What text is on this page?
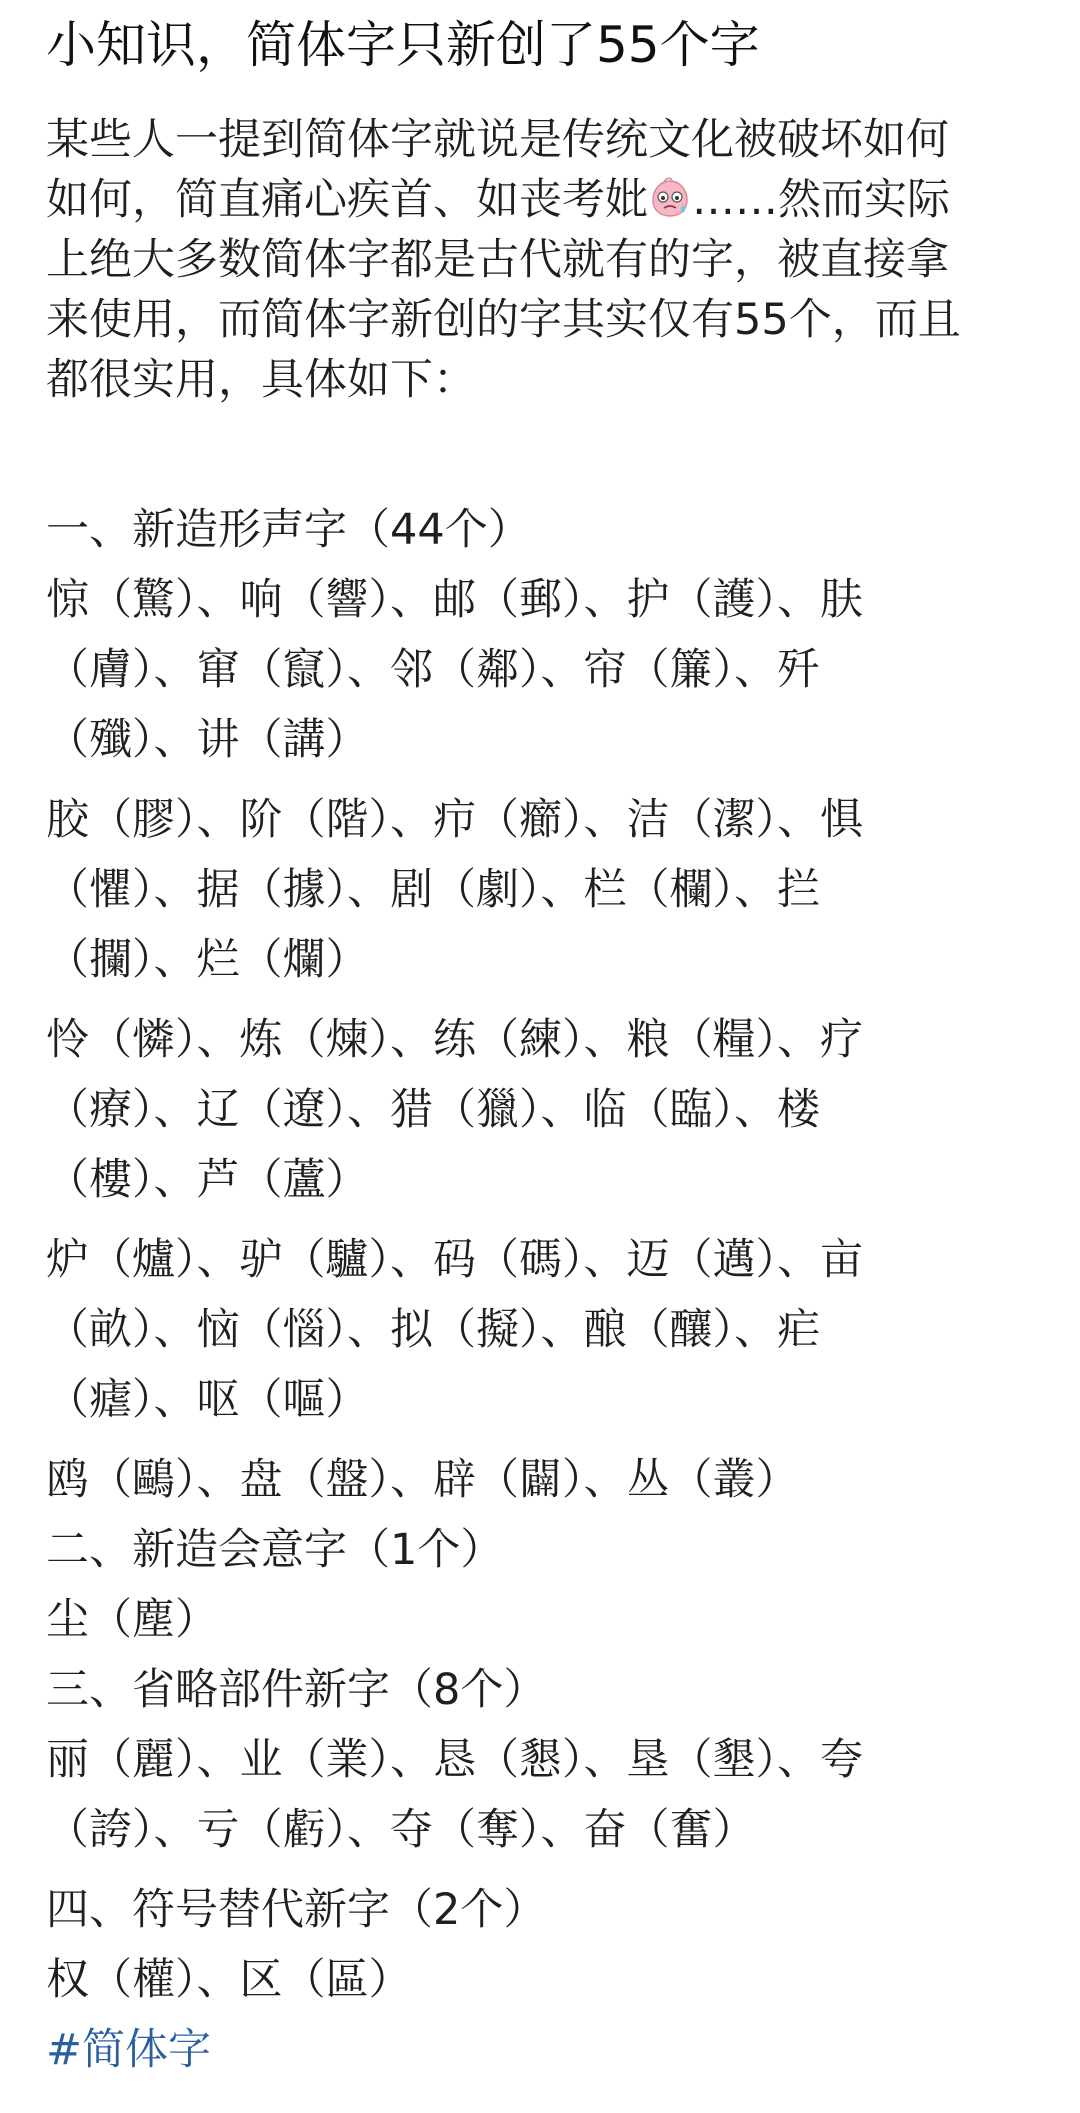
小知识，简体字只新创了55个字
某些人一提到简体字就说是传统文化被破坏如何
如何，简直痛心疾首、如丧考妣 ……然而实际
上绝大多数简体字都是古代就有的字，被直接拿
来使用，而简体字新创的字其实仅有55个，而且
都很实用，具体如下：
一、新造形声字（44个）
惊（驚）、响（響）、邮（郵）、护（護）、肤
（膚）、窜（竄）、邻（鄰）、帘（簾）、歼
（殲）、讲（講）
胶（膠）、阶（階）、疖（癤）、洁（潔）、惧
（懼）、据（據）、剧（劇）、栏（欄）、拦
（攔）、烂（爛）
怜（憐）、炼（煉）、练（練）、粮（糧）、疗
（療）、辽（遼）、猎（獵）、临（臨）、楼
（樓）、芦（蘆）
炉（爐）、驴（驢）、码（碼）、迈（邁）、亩
（畝）、恼（惱）、拟（擬）、酿（釀）、疟
（瘧）、呕（嘔）
鸥（鷗）、盘（盤）、辟（闢）、丛（叢）
二、新造会意字（1个）
尘（塵）
三、省略部件新字（8个）
丽（麗）、业（業）、恳（懇）、垦（墾）、夸
（誇）、亏（虧）、夺（奪）、奋（奮）
四、符号替代新字（2个）
权（權）、区（區）
#简体字
